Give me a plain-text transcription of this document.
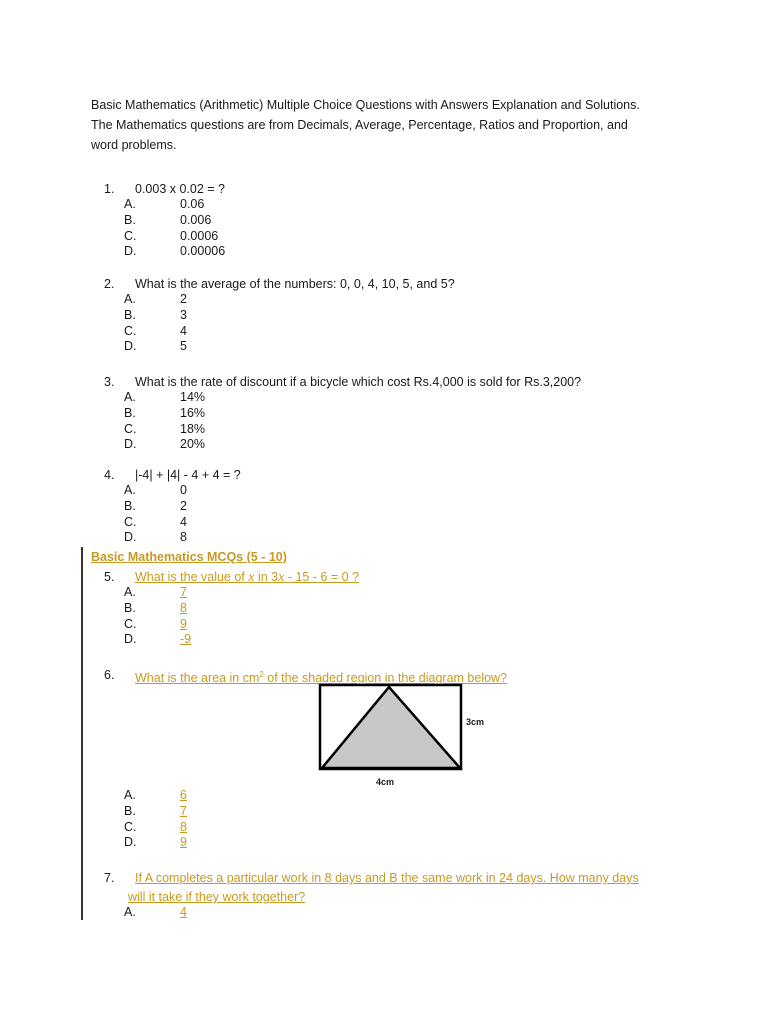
Basic Mathematics (Arithmetic) Multiple Choice Questions with Answers Explanation and Solutions.

The Mathematics questions are from Decimals, Average, Percentage, Ratios and Proportion, and

word problems.

1. 0.003 x 0.02 = ?
A.	0.06
B.	0.006
C.	0.0006
D.	0.00006
2. What is the average of the numbers: 0, 0, 4, 10, 5, and 5?
A.	2
B.	3
C.	4
D.	5
3. What is the rate of discount if a bicycle which cost Rs.4,000 is sold for Rs.3,200?
A.	14%
B.	16%
C.	18%
D.	20%
4. |-4| + |4| - 4 + 4 = ?
A.	0
B.	2
C.	4
D.	8
Basic Mathematics MCQs (5 - 10)
5. What is the value of x in 3x - 15 - 6 = 0 ?
A.	7
B.	8
C.	9
D.	-9
6. What is the area in $cm^2$ of the shaded region in the diagram below?
3cm
4cm
A.	6
B.	7
C.	8
D.	9
7. If A completes a particular work in 8 days and B the same work in 24 days. How many days
will it take if they work together?
A.	4
